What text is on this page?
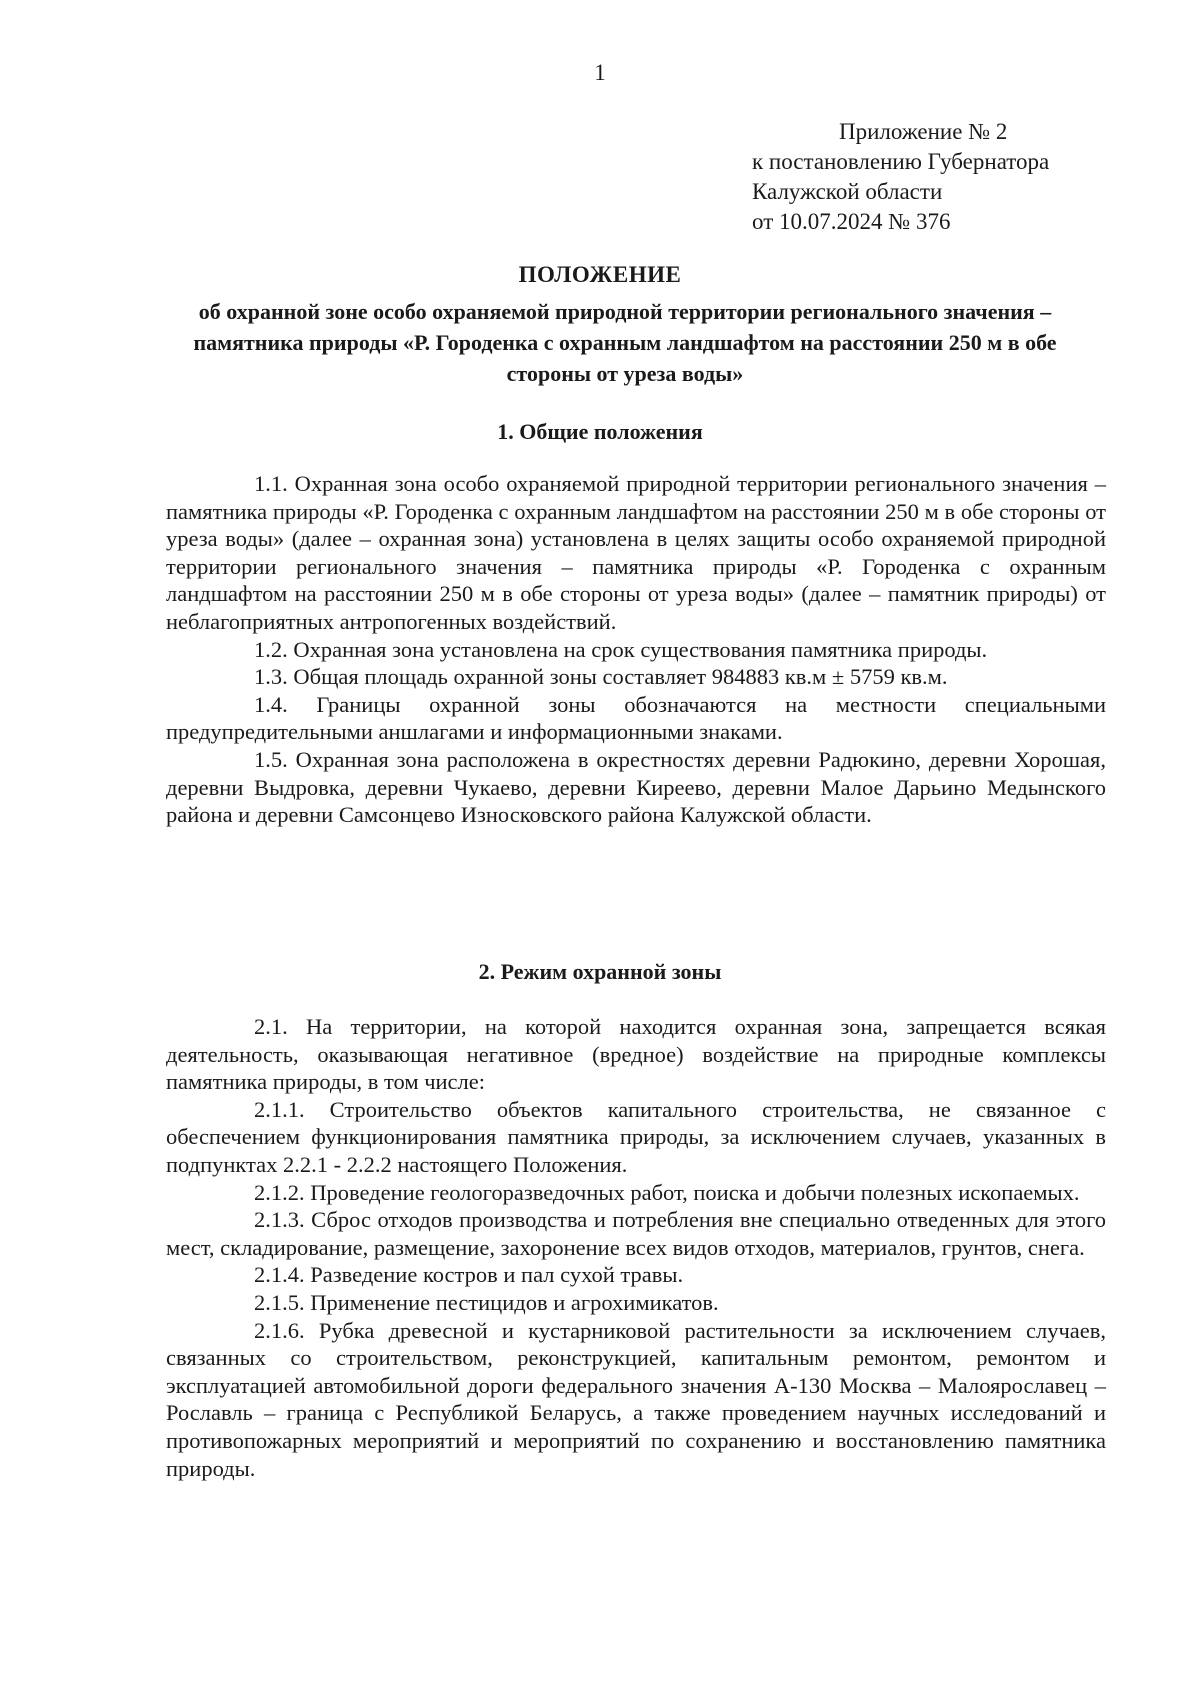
1
Приложение № 2
к постановлению Губернатора
Калужской области
от 10.07.2024 № 376
ПОЛОЖЕНИЕ
об охранной зоне особо охраняемой природной территории регионального значения – памятника природы «Р. Городенка с охранным ландшафтом на расстоянии 250 м в обе стороны от уреза воды»
1. Общие положения

1.1. Охранная зона особо охраняемой природной территории регионального значения – памятника природы «Р. Городенка с охранным ландшафтом на расстоянии 250 м в обе стороны от уреза воды» (далее – охранная зона) установлена в целях защиты особо охраняемой природной территории регионального значения – памятника природы «Р. Городенка с охранным ландшафтом на расстоянии 250 м в обе стороны от уреза воды» (далее – памятник природы) от неблагоприятных антропогенных воздействий.

1.2. Охранная зона установлена на срок существования памятника природы.

1.3. Общая площадь охранной зоны составляет 984883 кв.м ± 5759 кв.м.

1.4. Границы охранной зоны обозначаются на местности специальными предупредительными аншлагами и информационными знаками.

1.5. Охранная зона расположена в окрестностях деревни Радюкино, деревни Хорошая, деревни Выдровка, деревни Чукаево, деревни Киреево, деревни Малое Дарьино Медынского района и деревни Самсонцево Износковского района Калужской области.

2. Режим охранной зоны

2.1. На территории, на которой находится охранная зона, запрещается всякая деятельность, оказывающая негативное (вредное) воздействие на природные комплексы памятника природы, в том числе:

2.1.1. Строительство объектов капитального строительства, не связанное с обеспечением функционирования памятника природы, за исключением случаев, указанных в подпунктах 2.2.1 - 2.2.2 настоящего Положения.

2.1.2. Проведение геологоразведочных работ, поиска и добычи полезных ископаемых.

2.1.3. Сброс отходов производства и потребления вне специально отведенных для этого мест, складирование, размещение, захоронение всех видов отходов, материалов, грунтов, снега.

2.1.4. Разведение костров и пал сухой травы.

2.1.5. Применение пестицидов и агрохимикатов.

2.1.6. Рубка древесной и кустарниковой растительности за исключением случаев, связанных со строительством, реконструкцией, капитальным ремонтом, ремонтом и эксплуатацией автомобильной дороги федерального значения А-130 Москва – Малоярославец – Рославль – граница с Республикой Беларусь, а также проведением научных исследований и противопожарных мероприятий и мероприятий по сохранению и восстановлению памятника природы.
